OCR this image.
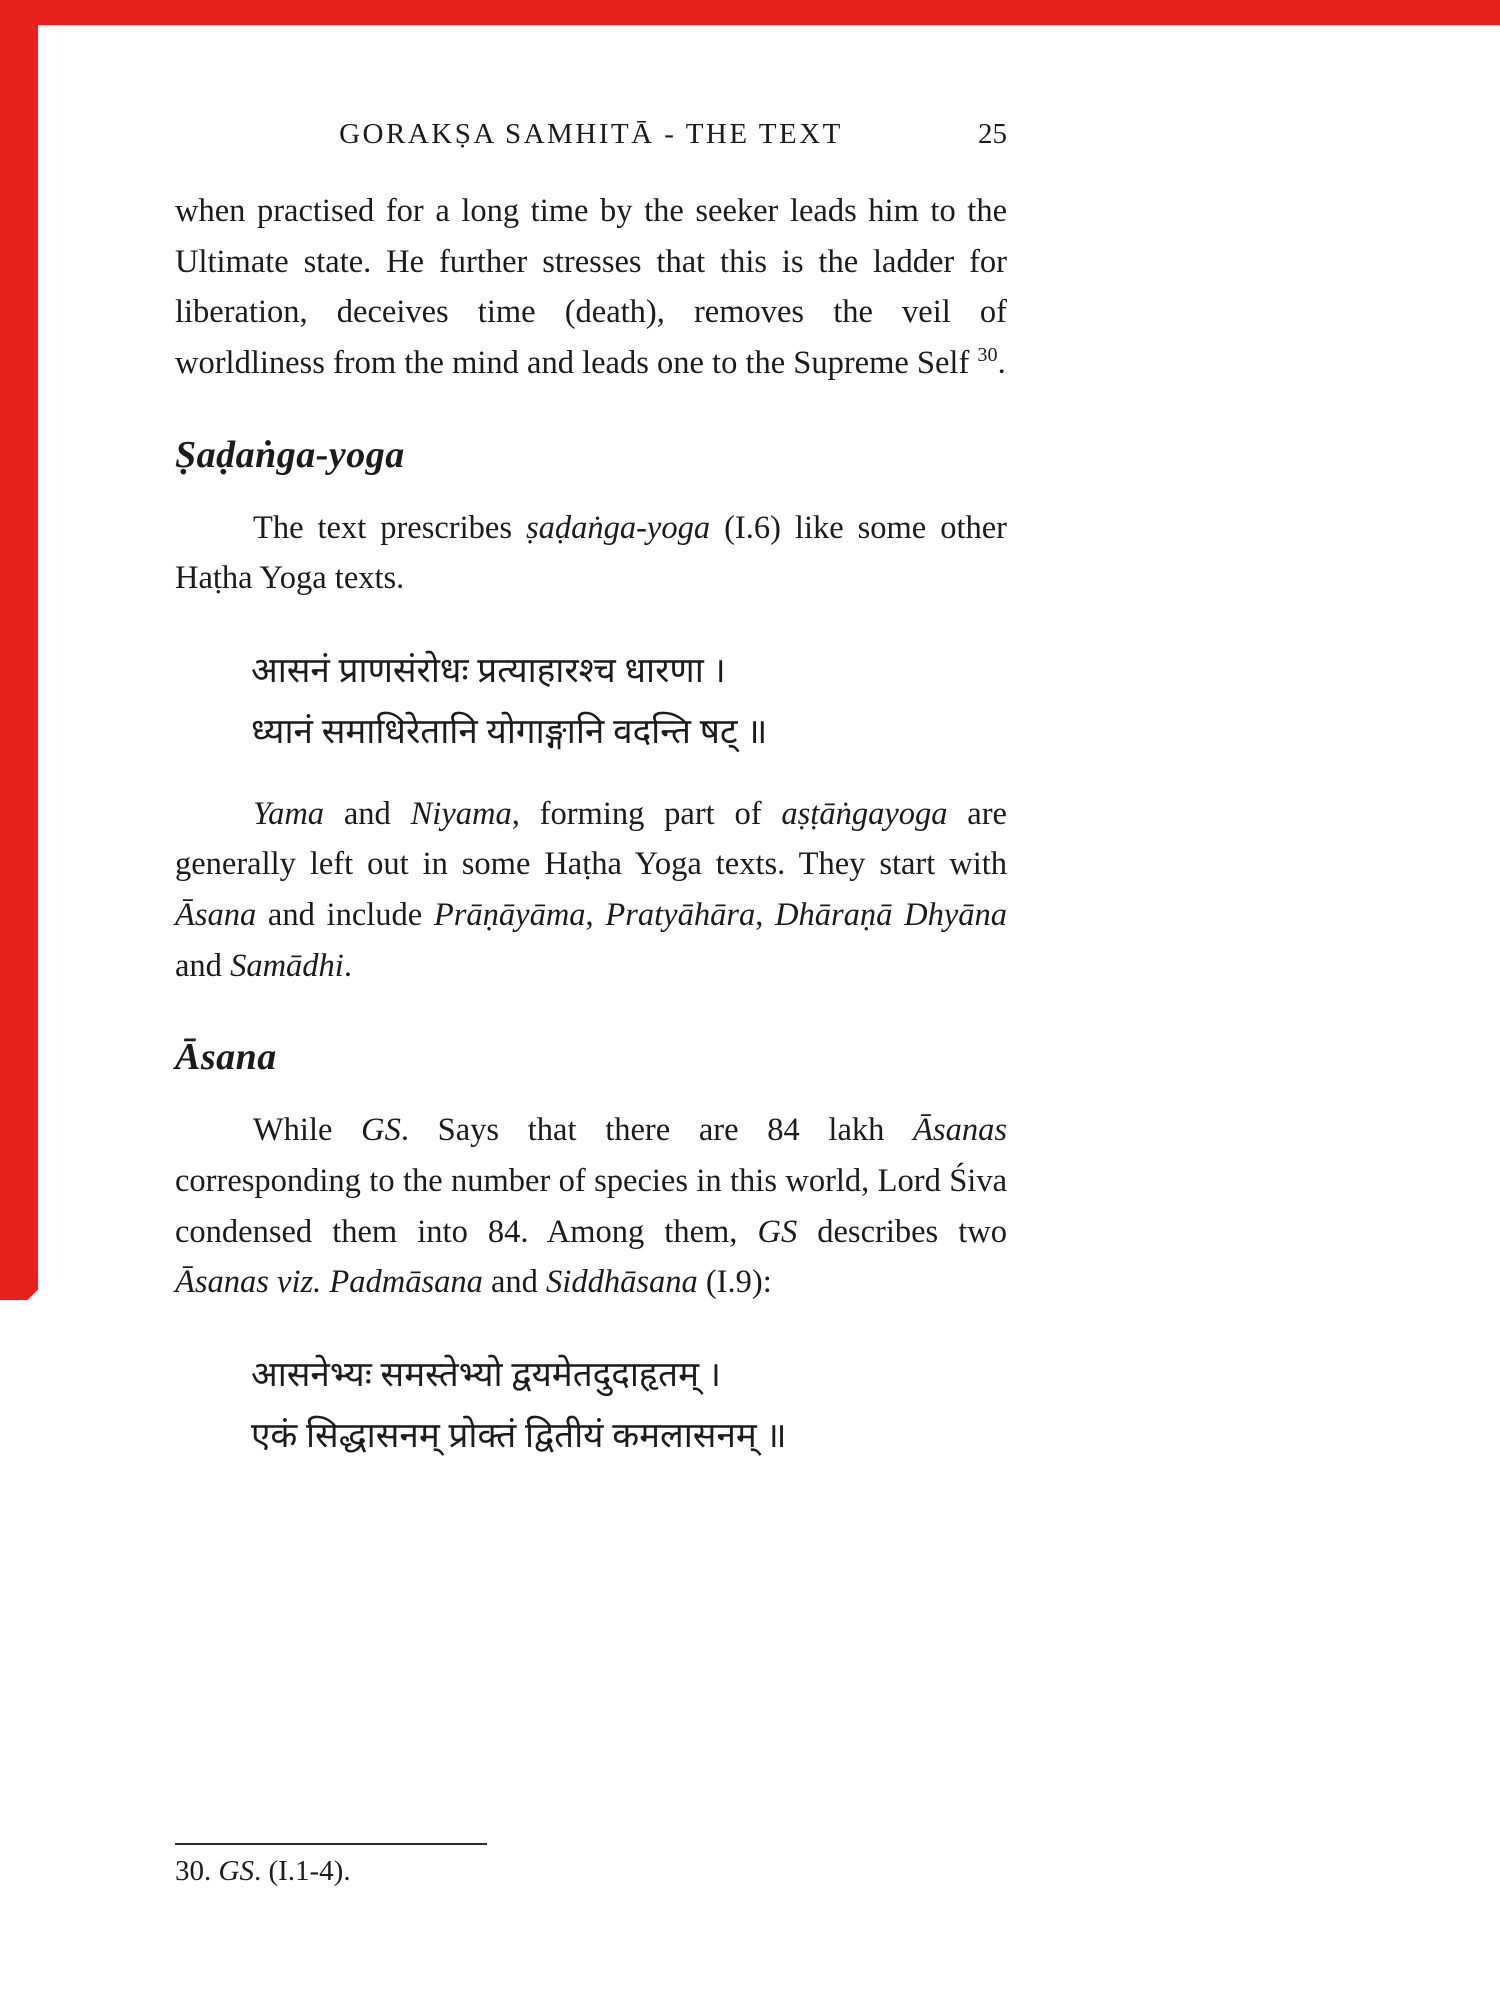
GORAKṢA SAMHITĀ - THE TEXT	25

when practised for a long time by the seeker leads him to the Ultimate state. He further stresses that this is the ladder for liberation, deceives time (death), removes the veil of worldliness from the mind and leads one to the Supreme Self $^{30}$.

Ṣaḍaṅga-yoga

The text prescribes ṣaḍaṅga-yoga (I.6) like some other Haṭha Yoga texts.

आसनं प्राणसंरोधः प्रत्याहारश्च धारणा ।
ध्यानं समाधिरेतानि योगाङ्गानि वदन्ति षट् ॥

Yama and Niyama, forming part of aṣṭāṅgayoga are generally left out in some Haṭha Yoga texts. They start with Āsana and include Prāṇāyāma, Pratyāhāra, Dhāraṇā Dhyāna and Samādhi.

Āsana

While GS. Says that there are 84 lakh Āsanas corresponding to the number of species in this world, Lord Śiva condensed them into 84. Among them, GS describes two Āsanas viz. Padmāsana and Siddhāsana (I.9):

आसनेभ्यः समस्तेभ्यो द्वयमेतदुदाहृतम् ।
एकं सिद्धासनम् प्रोक्तं द्वितीयं कमलासनम् ॥

30. GS. (I.1-4).
